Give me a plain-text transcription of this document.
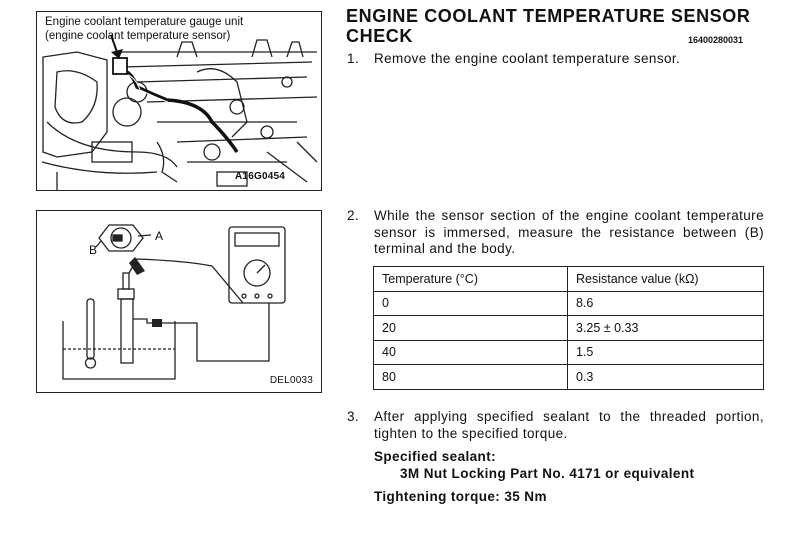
Engine coolant temperature gauge unit
(engine coolant temperature sensor)
A16G0454
A
B
DEL0033
ENGINE COOLANT TEMPERATURE SENSOR
CHECK	16400280031
1. Remove the engine coolant temperature sensor.
2. While the sensor section of the engine coolant temperature sensor is immersed, measure the resistance between (B) terminal and the body.
Temperature (°C)	Resistance value (kΩ)
0	8.6
20	3.25 ± 0.33
40	1.5
80	0.3
3. After applying specified sealant to the threaded portion, tighten to the specified torque.
Specified sealant:
3M Nut Locking Part No. 4171 or equivalent
Tightening torque: 35 Nm
